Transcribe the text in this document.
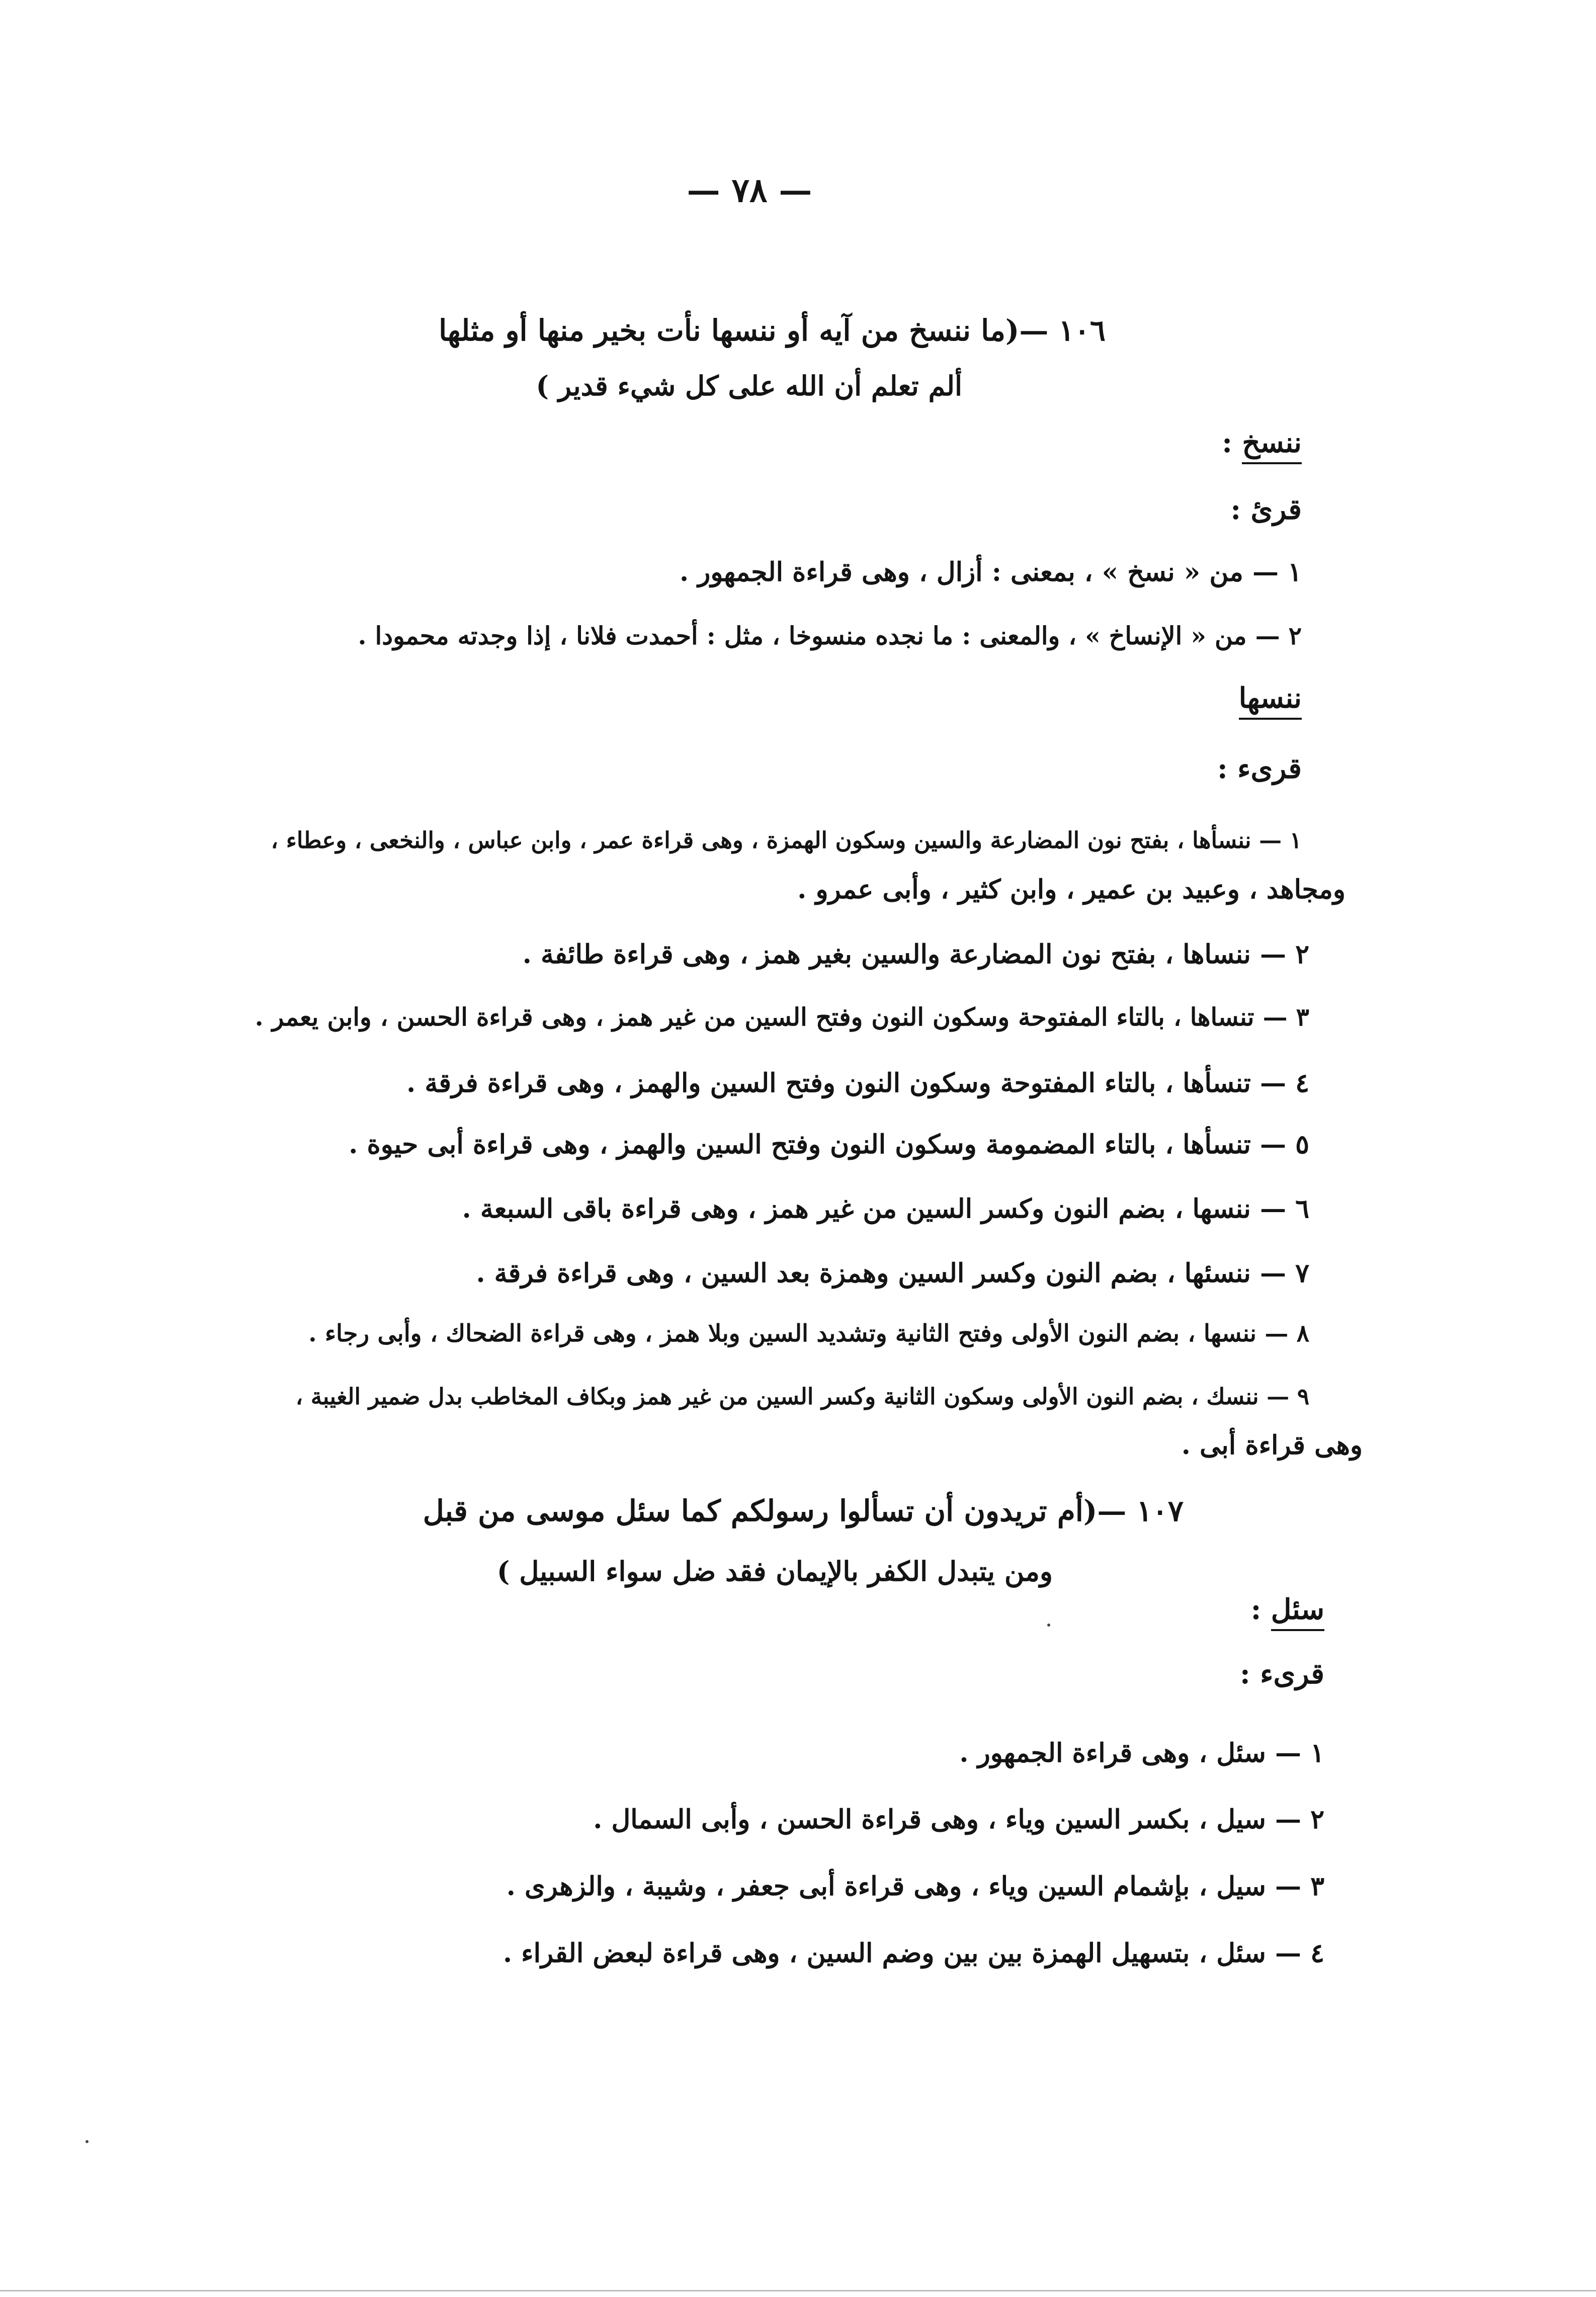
— ٧٨ —
١٠٦ —(ما ننسخ من آيه أو ننسها نأت بخير منها أو مثلها
ألم تعلم أن الله على كل شيء قدير )
ننسخ :
قرئ :
١ — من « نسخ » ، بمعنى : أزال ، وهى قراءة الجمهور .
٢ — من « الإنساخ » ، والمعنى : ما نجده منسوخا ، مثل : أحمدت فلانا ، إذا وجدته محمودا .
ننسها
قرىء :
١ — ننسأها ، بفتح نون المضارعة والسين وسكون الهمزة ، وهى قراءة عمر ، وابن عباس ، والنخعى ، وعطاء ،
ومجاهد ، وعبيد بن عمير ، وابن كثير ، وأبى عمرو .
٢ — ننساها ، بفتح نون المضارعة والسين بغير همز ، وهى قراءة طائفة .
٣ — تنساها ، بالتاء المفتوحة وسكون النون وفتح السين من غير همز ، وهى قراءة الحسن ، وابن يعمر .
٤ — تنسأها ، بالتاء المفتوحة وسكون النون وفتح السين والهمز ، وهى قراءة فرقة .
٥ — تنسأها ، بالتاء المضمومة وسكون النون وفتح السين والهمز ، وهى قراءة أبى حيوة .
٦ — ننسها ، بضم النون وكسر السين من غير همز ، وهى قراءة باقى السبعة .
٧ — ننسئها ، بضم النون وكسر السين وهمزة بعد السين ، وهى قراءة فرقة .
٨ — ننسها ، بضم النون الأولى وفتح الثانية وتشديد السين وبلا همز ، وهى قراءة الضحاك ، وأبى رجاء .
٩ — ننسك ، بضم النون الأولى وسكون الثانية وكسر السين من غير همز وبكاف المخاطب بدل ضمير الغيبة ،
وهى قراءة أبى .
١٠٧ —(أم تريدون أن تسألوا رسولكم كما سئل موسى من قبل
ومن يتبدل الكفر بالإيمان فقد ضل سواء السبيل )
سئل :
قرىء :
١ — سئل ، وهى قراءة الجمهور .
٢ — سيل ، بكسر السين وياء ، وهى قراءة الحسن ، وأبى السمال .
٣ — سيل ، بإشمام السين وياء ، وهى قراءة أبى جعفر ، وشيبة ، والزهرى .
٤ — سئل ، بتسهيل الهمزة بين بين وضم السين ، وهى قراءة لبعض القراء .
